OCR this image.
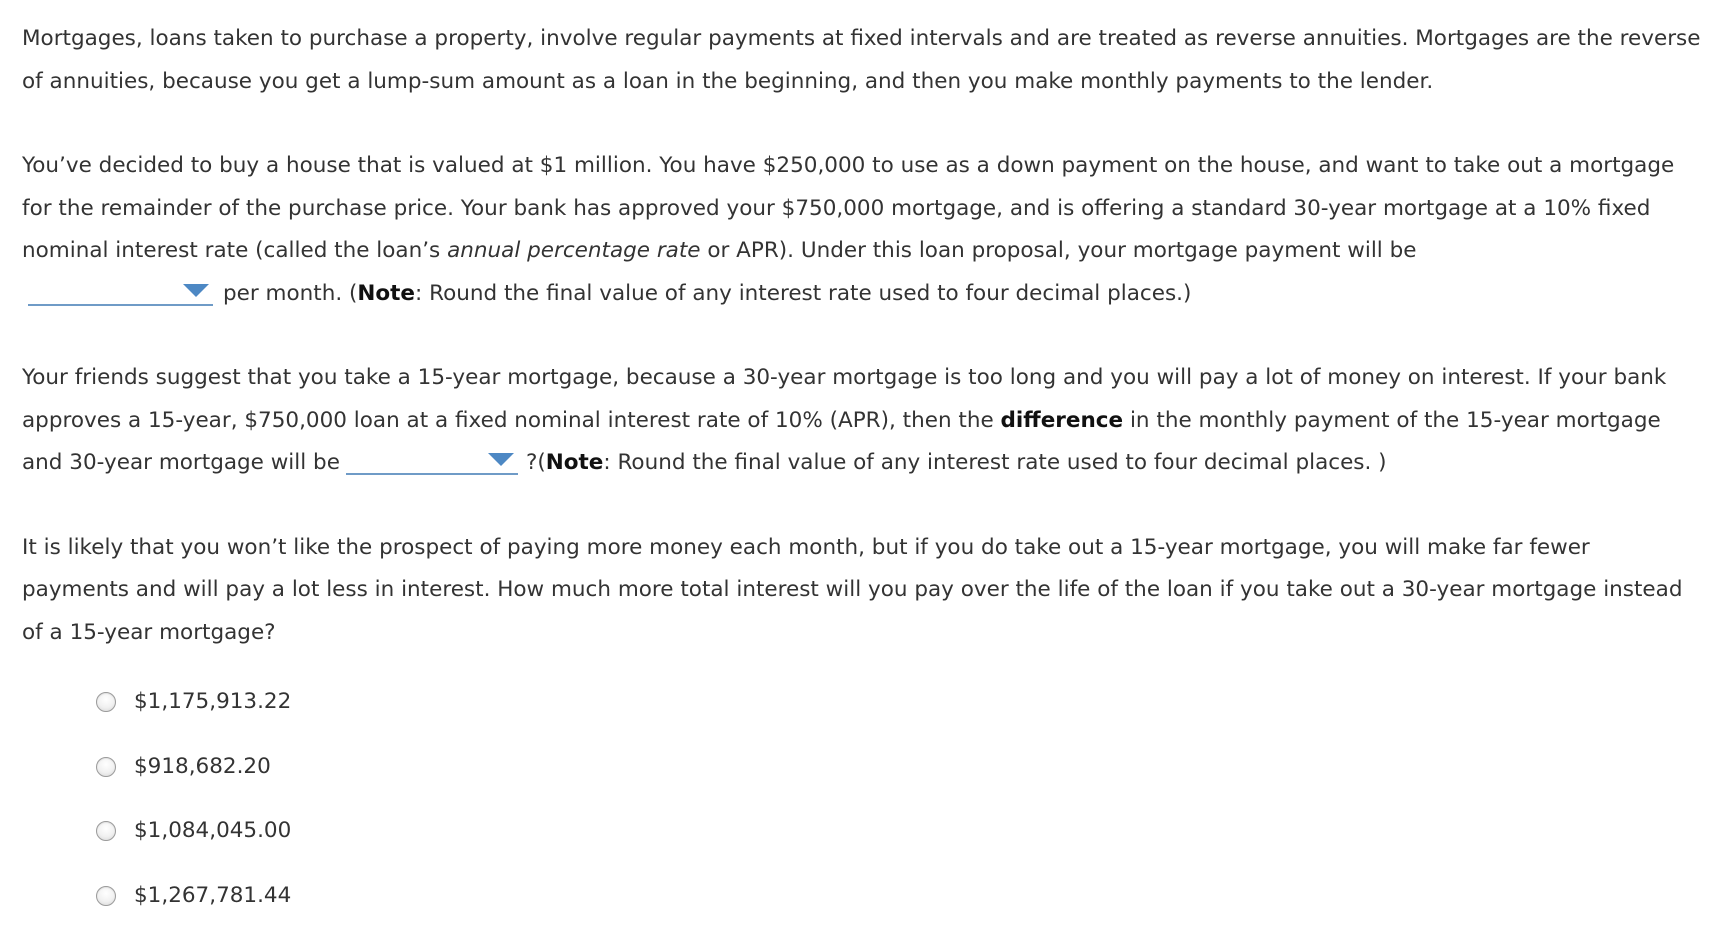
Mortgages, loans taken to purchase a property, involve regular payments at fixed intervals and are treated as reverse annuities. Mortgages are the reverse of annuities, because you get a lump-sum amount as a loan in the beginning, and then you make monthly payments to the lender.

You’ve decided to buy a house that is valued at $1 million. You have $250,000 to use as a down payment on the house, and want to take out a mortgage for the remainder of the purchase price. Your bank has approved your $750,000 mortgage, and is offering a standard 30-year mortgage at a 10% fixed nominal interest rate (called the loan’s annual percentage rate or APR). Under this loan proposal, your mortgage payment will be

per month. (Note: Round the final value of any interest rate used to four decimal places.)

Your friends suggest that you take a 15-year mortgage, because a 30-year mortgage is too long and you will pay a lot of money on interest. If your bank approves a 15-year, $750,000 loan at a fixed nominal interest rate of 10% (APR), then the difference in the monthly payment of the 15-year mortgage and 30-year mortgage will be	?(Note: Round the final value of any interest rate used to four decimal places. )

It is likely that you won’t like the prospect of paying more money each month, but if you do take out a 15-year mortgage, you will make far fewer payments and will pay a lot less in interest. How much more total interest will you pay over the life of the loan if you take out a 30-year mortgage instead of a 15-year mortgage?

$1,175,913.22
$918,682.20
$1,084,045.00
$1,267,781.44
